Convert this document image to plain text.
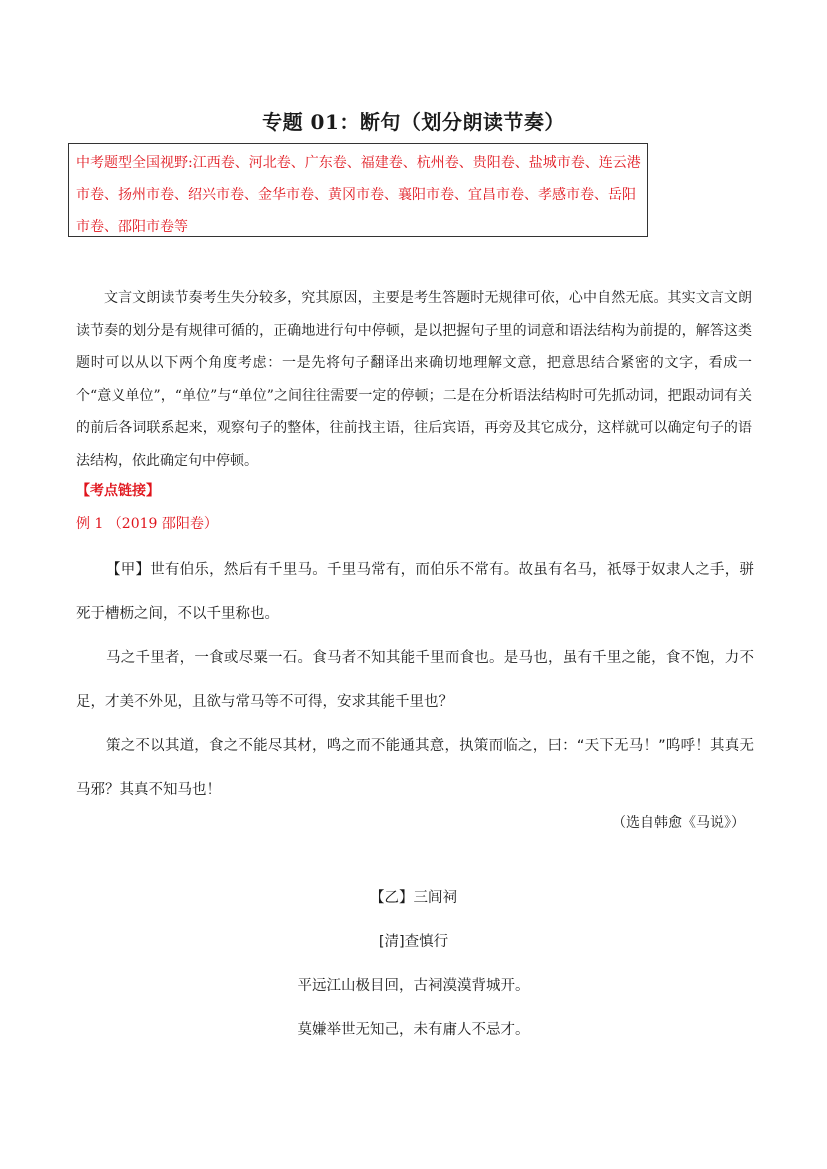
专题 01：断句（划分朗读节奏）
中考题型全国视野:江西卷、河北卷、广东卷、福建卷、杭州卷、贵阳卷、盐城市卷、连云港市卷、扬州市卷、绍兴市卷、金华市卷、黄冈市卷、襄阳市卷、宜昌市卷、孝感市卷、岳阳市卷、邵阳市卷等
文言文朗读节奏考生失分较多，究其原因，主要是考生答题时无规律可依，心中自然无底。其实文言文朗读节奏的划分是有规律可循的，正确地进行句中停顿，是以把握句子里的词意和语法结构为前提的，解答这类题时可以从以下两个角度考虑：一是先将句子翻译出来确切地理解文意，把意思结合紧密的文字，看成一个“意义单位”，“单位”与“单位”之间往往需要一定的停顿；二是在分析语法结构时可先抓动词，把跟动词有关的前后各词联系起来，观察句子的整体，往前找主语，往后宾语，再旁及其它成分，这样就可以确定句子的语法结构，依此确定句中停顿。
【考点链接】
例 1 （2019 邵阳卷）

【甲】世有伯乐，然后有千里马。千里马常有，而伯乐不常有。故虽有名马，祇辱于奴隶人之手，骈死于槽枥之间，不以千里称也。

马之千里者，一食或尽粟一石。食马者不知其能千里而食也。是马也，虽有千里之能，食不饱，力不足，才美不外见，且欲与常马等不可得，安求其能千里也？

策之不以其道，食之不能尽其材，鸣之而不能通其意，执策而临之，曰：“天下无马！”呜呼！其真无马邪？其真不知马也！

（选自韩愈《马说》）
【乙】三闾祠
[清]查慎行
平远江山极目回，古祠漠漠背城开。
莫嫌举世无知己，未有庸人不忌才。
